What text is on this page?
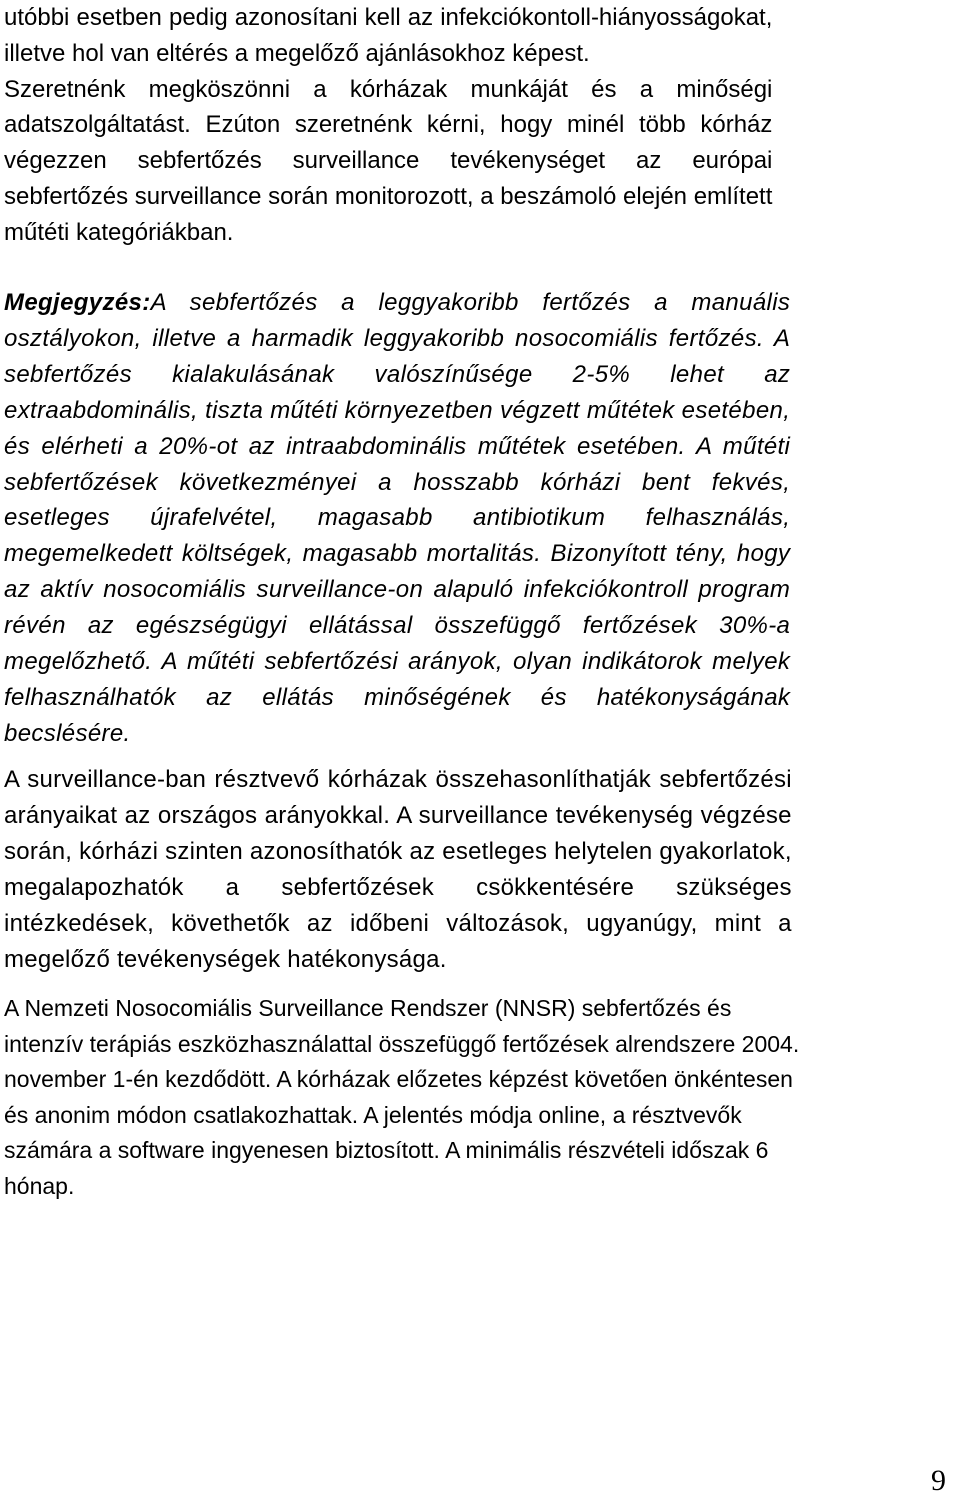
utóbbi esetben pedig azonosítani kell az infekciókontoll-hiányosságokat,
illetve hol van eltérés a megelőző ajánlásokhoz képest.
Szeretnénk megköszönni a kórházak munkáját és a minőségi
adatszolgáltatást. Ezúton szeretnénk kérni, hogy minél több kórház
végezzen sebfertőzés surveillance tevékenységet az európai
sebfertőzés surveillance során monitorozott, a beszámoló elején említett
műtéti kategóriákban.
Megjegyzés:A sebfertőzés a leggyakoribb fertőzés a manuális
osztályokon, illetve a harmadik leggyakoribb nosocomiális fertőzés. A
sebfertőzés kialakulásának valószínűsége 2-5% lehet az
extraabdominális, tiszta műtéti környezetben végzett műtétek esetében,
és elérheti a 20%-ot az intraabdominális műtétek esetében. A műtéti
sebfertőzések következményei a hosszabb kórházi bent fekvés,
esetleges újrafelvétel, magasabb antibiotikum felhasználás,
megemelkedett költségek, magasabb mortalitás. Bizonyított tény, hogy
az aktív nosocomiális surveillance-on alapuló infekciókontroll program
révén az egészségügyi ellátással összefüggő fertőzések 30%-a
megelőzhető. A műtéti sebfertőzési arányok, olyan indikátorok melyek
felhasználhatók az ellátás minőségének és hatékonyságának
becslésére.
A surveillance-ban résztvevő kórházak összehasonlíthatják sebfertőzési
arányaikat az országos arányokkal. A surveillance tevékenység végzése
során, kórházi szinten azonosíthatók az esetleges helytelen gyakorlatok,
megalapozhatók a sebfertőzések csökkentésére szükséges
intézkedések, követhetők az időbeni változások, ugyanúgy, mint a
megelőző tevékenységek hatékonysága.
A Nemzeti Nosocomiális Surveillance Rendszer (NNSR) sebfertőzés és
intenzív terápiás eszközhasználattal összefüggő fertőzések alrendszere 2004.
november 1-én kezdődött. A kórházak előzetes képzést követően önkéntesen
és anonim módon csatlakozhattak. A jelentés módja online, a résztvevők
számára a software ingyenesen biztosított. A minimális részvételi időszak 6
hónap.
9
